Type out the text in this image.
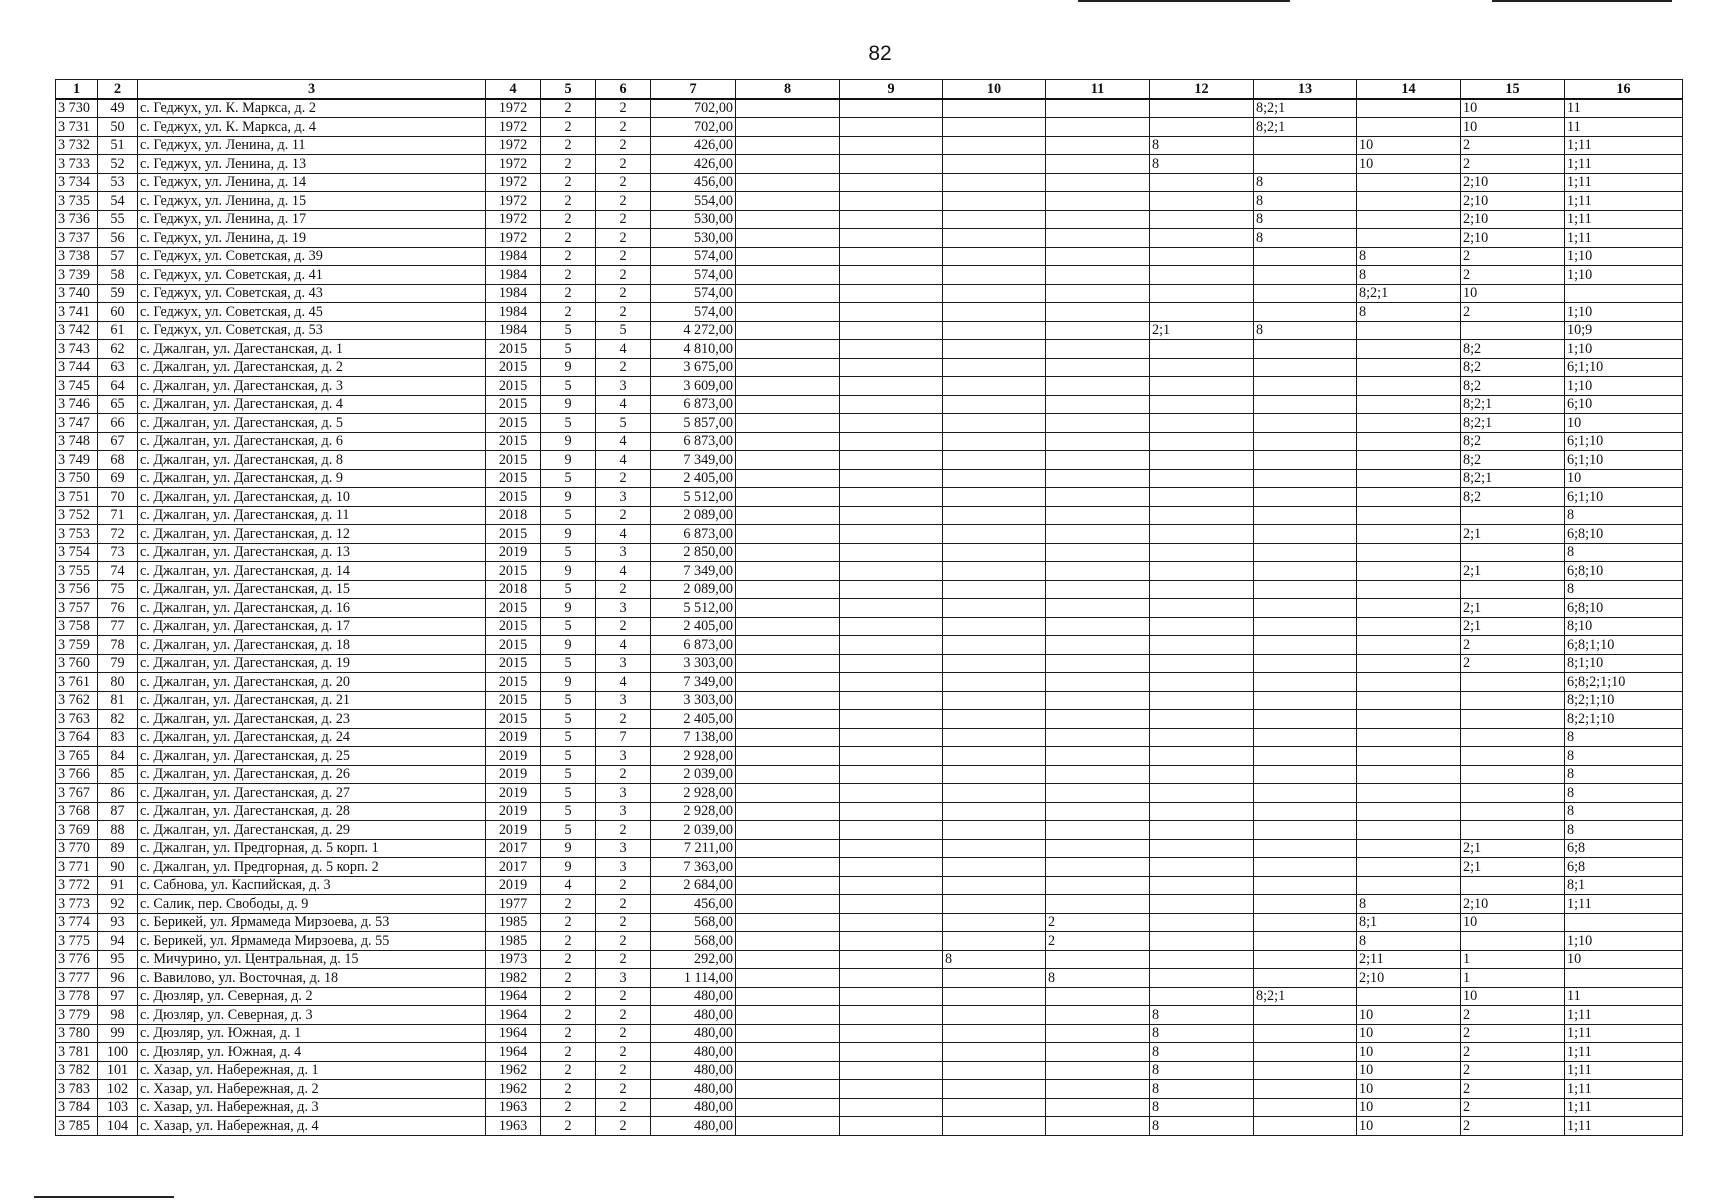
82
1	2	3	4	5	6	7	8	9	10	11	12	13	14	15	16
3 730	49	с. Геджух, ул. К. Маркса, д. 2	1972	2	2	702,00						8;2;1		10	11
3 731	50	с. Геджух, ул. К. Маркса, д. 4	1972	2	2	702,00						8;2;1		10	11
3 732	51	с. Геджух, ул. Ленина, д. 11	1972	2	2	426,00					8		10	2	1;11
3 733	52	с. Геджух, ул. Ленина, д. 13	1972	2	2	426,00					8		10	2	1;11
3 734	53	с. Геджух, ул. Ленина, д. 14	1972	2	2	456,00						8		2;10	1;11
3 735	54	с. Геджух, ул. Ленина, д. 15	1972	2	2	554,00						8		2;10	1;11
3 736	55	с. Геджух, ул. Ленина, д. 17	1972	2	2	530,00						8		2;10	1;11
3 737	56	с. Геджух, ул. Ленина, д. 19	1972	2	2	530,00						8		2;10	1;11
3 738	57	с. Геджух, ул. Советская, д. 39	1984	2	2	574,00							8	2	1;10
3 739	58	с. Геджух, ул. Советская, д. 41	1984	2	2	574,00							8	2	1;10
3 740	59	с. Геджух, ул. Советская, д. 43	1984	2	2	574,00							8;2;1	10	
3 741	60	с. Геджух, ул. Советская, д. 45	1984	2	2	574,00							8	2	1;10
3 742	61	с. Геджух, ул. Советская, д. 53	1984	5	5	4 272,00					2;1	8			10;9
3 743	62	с. Джалган, ул. Дагестанская, д. 1	2015	5	4	4 810,00								8;2	1;10
3 744	63	с. Джалган, ул. Дагестанская, д. 2	2015	9	2	3 675,00								8;2	6;1;10
3 745	64	с. Джалган, ул. Дагестанская, д. 3	2015	5	3	3 609,00								8;2	1;10
3 746	65	с. Джалган, ул. Дагестанская, д. 4	2015	9	4	6 873,00								8;2;1	6;10
3 747	66	с. Джалган, ул. Дагестанская, д. 5	2015	5	5	5 857,00								8;2;1	10
3 748	67	с. Джалган, ул. Дагестанская, д. 6	2015	9	4	6 873,00								8;2	6;1;10
3 749	68	с. Джалган, ул. Дагестанская, д. 8	2015	9	4	7 349,00								8;2	6;1;10
3 750	69	с. Джалган, ул. Дагестанская, д. 9	2015	5	2	2 405,00								8;2;1	10
3 751	70	с. Джалган, ул. Дагестанская, д. 10	2015	9	3	5 512,00								8;2	6;1;10
3 752	71	с. Джалган, ул. Дагестанская, д. 11	2018	5	2	2 089,00									8
3 753	72	с. Джалган, ул. Дагестанская, д. 12	2015	9	4	6 873,00								2;1	6;8;10
3 754	73	с. Джалган, ул. Дагестанская, д. 13	2019	5	3	2 850,00									8
3 755	74	с. Джалган, ул. Дагестанская, д. 14	2015	9	4	7 349,00								2;1	6;8;10
3 756	75	с. Джалган, ул. Дагестанская, д. 15	2018	5	2	2 089,00									8
3 757	76	с. Джалган, ул. Дагестанская, д. 16	2015	9	3	5 512,00								2;1	6;8;10
3 758	77	с. Джалган, ул. Дагестанская, д. 17	2015	5	2	2 405,00								2;1	8;10
3 759	78	с. Джалган, ул. Дагестанская, д. 18	2015	9	4	6 873,00								2	6;8;1;10
3 760	79	с. Джалган, ул. Дагестанская, д. 19	2015	5	3	3 303,00								2	8;1;10
3 761	80	с. Джалган, ул. Дагестанская, д. 20	2015	9	4	7 349,00									6;8;2;1;10
3 762	81	с. Джалган, ул. Дагестанская, д. 21	2015	5	3	3 303,00									8;2;1;10
3 763	82	с. Джалган, ул. Дагестанская, д. 23	2015	5	2	2 405,00									8;2;1;10
3 764	83	с. Джалган, ул. Дагестанская, д. 24	2019	5	7	7 138,00									8
3 765	84	с. Джалган, ул. Дагестанская, д. 25	2019	5	3	2 928,00									8
3 766	85	с. Джалган, ул. Дагестанская, д. 26	2019	5	2	2 039,00									8
3 767	86	с. Джалган, ул. Дагестанская, д. 27	2019	5	3	2 928,00									8
3 768	87	с. Джалган, ул. Дагестанская, д. 28	2019	5	3	2 928,00									8
3 769	88	с. Джалган, ул. Дагестанская, д. 29	2019	5	2	2 039,00									8
3 770	89	с. Джалган, ул. Предгорная, д. 5 корп. 1	2017	9	3	7 211,00								2;1	6;8
3 771	90	с. Джалган, ул. Предгорная, д. 5 корп. 2	2017	9	3	7 363,00								2;1	6;8
3 772	91	с. Сабнова, ул. Каспийская, д. 3	2019	4	2	2 684,00									8;1
3 773	92	с. Салик, пер. Свободы, д. 9	1977	2	2	456,00							8	2;10	1;11
3 774	93	с. Берикей, ул. Ярмамеда Мирзоева, д. 53	1985	2	2	568,00				2			8;1	10	
3 775	94	с. Берикей, ул. Ярмамеда Мирзоева, д. 55	1985	2	2	568,00				2			8		1;10
3 776	95	с. Мичурино, ул. Центральная, д. 15	1973	2	2	292,00			8				2;11	1	10
3 777	96	с. Вавилово, ул. Восточная, д. 18	1982	2	3	1 114,00				8			2;10	1	
3 778	97	с. Дюзляр, ул. Северная, д. 2	1964	2	2	480,00						8;2;1		10	11
3 779	98	с. Дюзляр, ул. Северная, д. 3	1964	2	2	480,00					8		10	2	1;11
3 780	99	с. Дюзляр, ул. Южная, д. 1	1964	2	2	480,00					8		10	2	1;11
3 781	100	с. Дюзляр, ул. Южная, д. 4	1964	2	2	480,00					8		10	2	1;11
3 782	101	с. Хазар, ул. Набережная, д. 1	1962	2	2	480,00					8		10	2	1;11
3 783	102	с. Хазар, ул. Набережная, д. 2	1962	2	2	480,00					8		10	2	1;11
3 784	103	с. Хазар, ул. Набережная, д. 3	1963	2	2	480,00					8		10	2	1;11
3 785	104	с. Хазар, ул. Набережная, д. 4	1963	2	2	480,00					8		10	2	1;11
